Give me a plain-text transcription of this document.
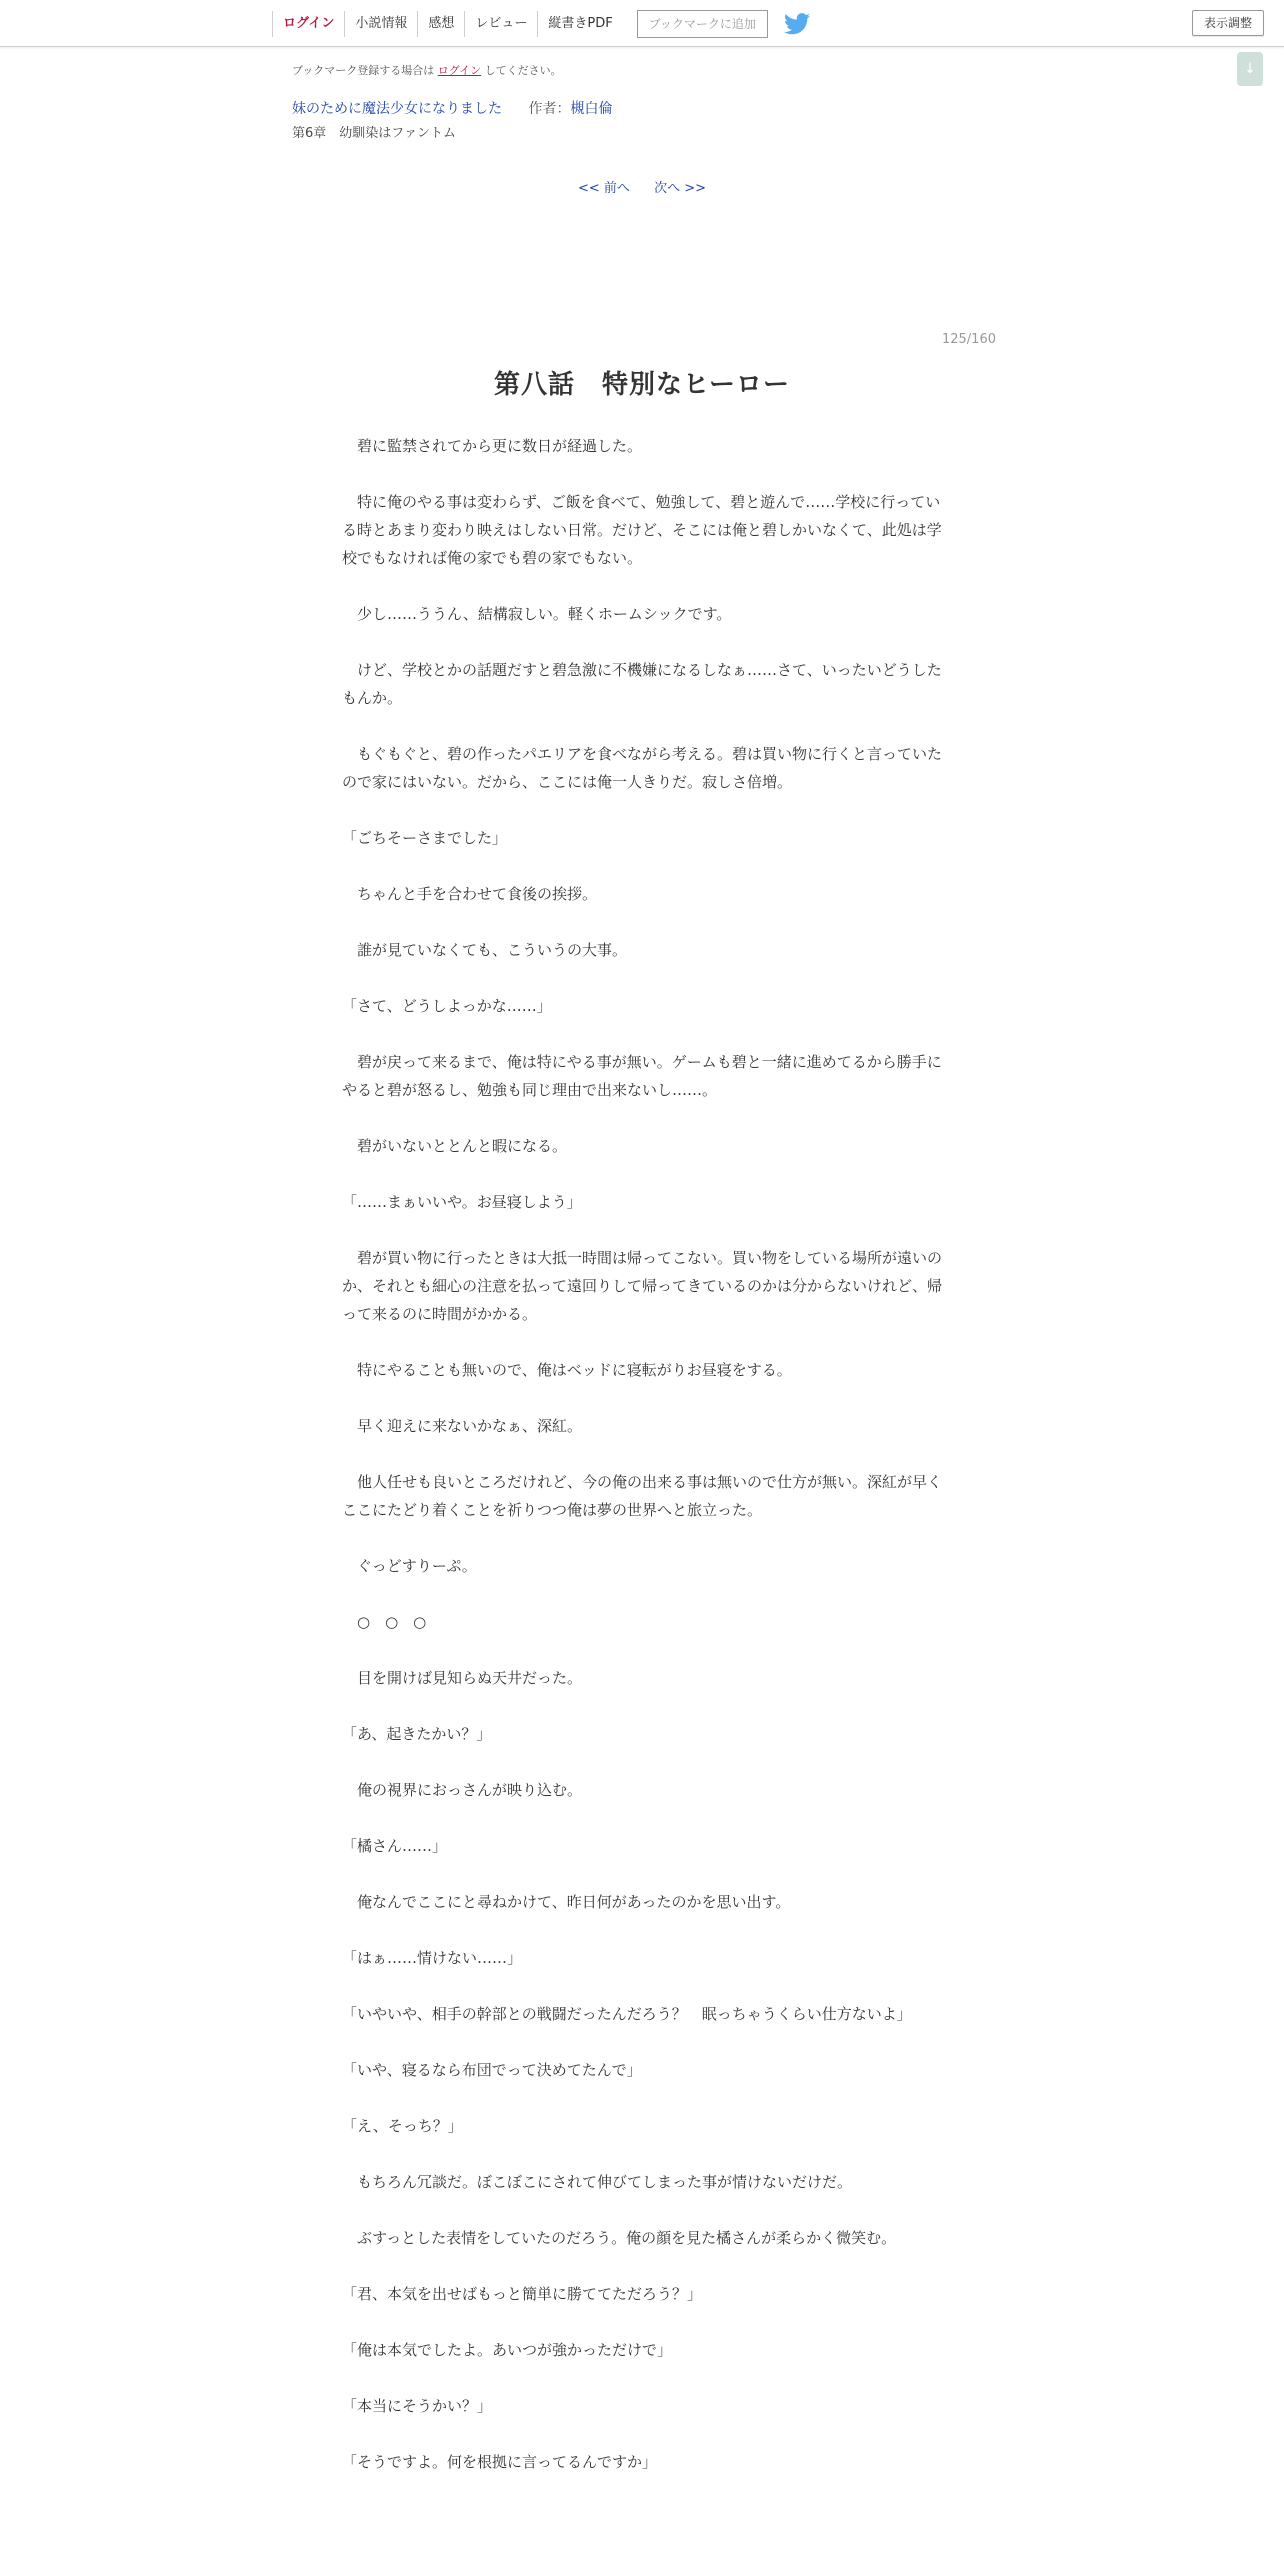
ログイン	小説情報	感想	レビュー	縦書きPDF	ブックマークに追加	表示調整
↓
ブックマーク登録する場合は ログイン してください。
妹のために魔法少女になりました 作者：槻白倫
第6章　幼馴染はファントム
<< 前へ 次へ >>
125/160
第八話　特別なヒーロー

　碧に監禁されてから更に数日が経過した。

　特に俺のやる事は変わらず、ご飯を食べて、勉強して、碧と遊んで……学校に行っている時とあまり変わり映えはしない日常。だけど、そこには俺と碧しかいなくて、此処は学校でもなければ俺の家でも碧の家でもない。

　少し……ううん、結構寂しい。軽くホームシックです。

　けど、学校とかの話題だすと碧急激に不機嫌になるしなぁ……さて、いったいどうしたもんか。

　もぐもぐと、碧の作ったパエリアを食べながら考える。碧は買い物に行くと言っていたので家にはいない。だから、ここには俺一人きりだ。寂しさ倍増。

「ごちそーさまでした」

　ちゃんと手を合わせて食後の挨拶。

　誰が見ていなくても、こういうの大事。

「さて、どうしよっかな……」

　碧が戻って来るまで、俺は特にやる事が無い。ゲームも碧と一緒に進めてるから勝手にやると碧が怒るし、勉強も同じ理由で出来ないし……。

　碧がいないととんと暇になる。

「……まぁいいや。お昼寝しよう」

　碧が買い物に行ったときは大抵一時間は帰ってこない。買い物をしている場所が遠いのか、それとも細心の注意を払って遠回りして帰ってきているのかは分からないけれど、帰って来るのに時間がかかる。

　特にやることも無いので、俺はベッドに寝転がりお昼寝をする。

　早く迎えに来ないかなぁ、深紅。

　他人任せも良いところだけれど、今の俺の出来る事は無いので仕方が無い。深紅が早くここにたどり着くことを祈りつつ俺は夢の世界へと旅立った。

　ぐっどすりーぷ。

　○　○　○

　目を開けば見知らぬ天井だった。

「あ、起きたかい？」

　俺の視界におっさんが映り込む。

「橘さん……」

　俺なんでここにと尋ねかけて、昨日何があったのかを思い出す。

「はぁ……情けない……」

「いやいや、相手の幹部との戦闘だったんだろう？　眠っちゃうくらい仕方ないよ」

「いや、寝るなら布団でって決めてたんで」

「え、そっち？」

　もちろん冗談だ。ぼこぼこにされて伸びてしまった事が情けないだけだ。

　ぶすっとした表情をしていたのだろう。俺の顔を見た橘さんが柔らかく微笑む。

「君、本気を出せばもっと簡単に勝ててただろう？」

「俺は本気でしたよ。あいつが強かっただけで」

「本当にそうかい？」

「そうですよ。何を根拠に言ってるんですか」
